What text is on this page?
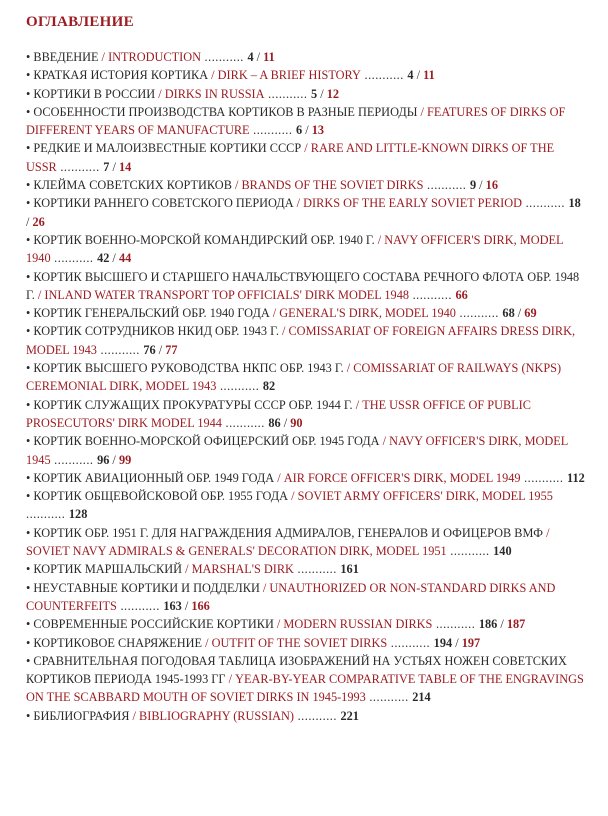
ОГЛАВЛЕНИЕ
• ВВЕДЕНИЕ / INTRODUCTION ........... 4 / 11
• КРАТКАЯ ИСТОРИЯ КОРТИКА / DIRK – A BRIEF HISTORY ........... 4 / 11
• КОРТИКИ В РОССИИ / DIRKS IN RUSSIA ........... 5 / 12
• ОСОБЕННОСТИ ПРОИЗВОДСТВА КОРТИКОВ В РАЗНЫЕ ПЕРИОДЫ / FEATURES OF DIRKS OF DIFFERENT YEARS OF MANUFACTURE ........... 6 / 13
• РЕДКИЕ И МАЛОИЗВЕСТНЫЕ КОРТИКИ СССР / RARE AND LITTLE-KNOWN DIRKS OF THE USSR ........... 7 / 14
• КЛЕЙМА СОВЕТСКИХ КОРТИКОВ / BRANDS OF THE SOVIET DIRKS ........... 9 / 16
• КОРТИКИ РАННЕГО СОВЕТСКОГО ПЕРИОДА / DIRKS OF THE EARLY SOVIET PERIOD ........... 18 / 26
• КОРТИК ВОЕННО-МОРСКОЙ КОМАНДИРСКИЙ ОБР. 1940 Г. / NAVY OFFICER'S DIRK, MODEL 1940 ........... 42 / 44
• КОРТИК ВЫСШЕГО И СТАРШЕГО НАЧАЛЬСТВУЮЩЕГО СОСТАВА РЕЧНОГО ФЛОТА ОБР. 1948 Г. / INLAND WATER TRANSPORT TOP OFFICIALS' DIRK MODEL 1948 ........... 66
• КОРТИК ГЕНЕРАЛЬСКИЙ ОБР. 1940 ГОДА / GENERAL'S DIRK, MODEL 1940 ........... 68 / 69
• КОРТИК СОТРУДНИКОВ НКИД ОБР. 1943 Г. / COMISSARIAT OF FOREIGN AFFAIRS DRESS DIRK, MODEL 1943 ........... 76 / 77
• КОРТИК ВЫСШЕГО РУКОВОДСТВА НКПС ОБР. 1943 Г. / COMISSARIAT OF RAILWAYS (NKPS) CEREMONIAL DIRK, MODEL 1943 ........... 82
• КОРТИК СЛУЖАЩИХ ПРОКУРАТУРЫ СССР ОБР. 1944 Г. / THE USSR OFFICE OF PUBLIC PROSECUTORS' DIRK MODEL 1944 ........... 86 / 90
• КОРТИК ВОЕННО-МОРСКОЙ ОФИЦЕРСКИЙ ОБР. 1945 ГОДА / NAVY OFFICER'S DIRK, MODEL 1945 ........... 96 / 99
• КОРТИК АВИАЦИОННЫЙ ОБР. 1949 ГОДА / AIR FORCE OFFICER'S DIRK, MODEL 1949 ........... 112
• КОРТИК ОБЩЕВОЙСКОВОЙ ОБР. 1955 ГОДА / SOVIET ARMY OFFICERS' DIRK, MODEL 1955 ........... 128
• КОРТИК ОБР. 1951 Г. ДЛЯ НАГРАЖДЕНИЯ АДМИРАЛОВ, ГЕНЕРАЛОВ И ОФИЦЕРОВ ВМФ / SOVIET NAVY ADMIRALS & GENERALS' DECORATION DIRK, MODEL 1951 ........... 140
• КОРТИК МАРШАЛЬСКИЙ / MARSHAL'S DIRK ........... 161
• НЕУСТАВНЫЕ КОРТИКИ И ПОДДЕЛКИ / UNAUTHORIZED OR NON-STANDARD DIRKS AND COUNTERFEITS ........... 163 / 166
• СОВРЕМЕННЫЕ РОССИЙСКИЕ КОРТИКИ / MODERN RUSSIAN DIRKS ........... 186 / 187
• КОРТИКОВОЕ СНАРЯЖЕНИЕ / OUTFIT OF THE SOVIET DIRKS ........... 194 / 197
• СРАВНИТЕЛЬНАЯ ПОГОДОВАЯ ТАБЛИЦА ИЗОБРАЖЕНИЙ НА УСТЬЯХ НОЖЕН СОВЕТСКИХ КОРТИКОВ ПЕРИОДА 1945-1993 ГГ / YEAR-BY-YEAR COMPARATIVE TABLE OF THE ENGRAVINGS ON THE SCABBARD MOUTH OF SOVIET DIRKS IN 1945-1993 ........... 214
• БИБЛИОГРАФИЯ / BIBLIOGRAPHY (RUSSIAN) ........... 221
